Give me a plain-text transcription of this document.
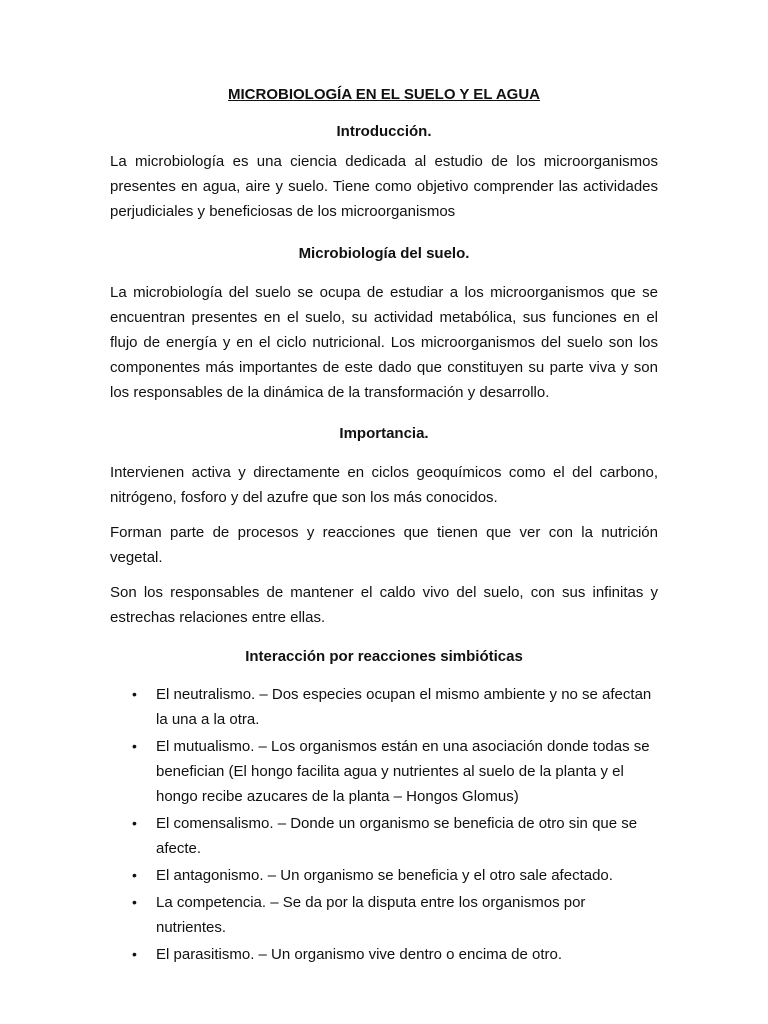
MICROBIOLOGÍA EN EL SUELO Y EL AGUA
Introducción.

La microbiología es una ciencia dedicada al estudio de los microorganismos presentes en agua, aire y suelo. Tiene como objetivo comprender las actividades perjudiciales y beneficiosas de los microorganismos

Microbiología del suelo.

La microbiología del suelo se ocupa de estudiar a los microorganismos que se encuentran presentes en el suelo, su actividad metabólica, sus funciones en el flujo de energía y en el ciclo nutricional. Los microorganismos del suelo son los componentes más importantes de este dado que constituyen su parte viva y son los responsables de la dinámica de la transformación y desarrollo.

Importancia.

Intervienen activa y directamente en ciclos geoquímicos como el del carbono, nitrógeno, fosforo y del azufre que son los más conocidos.

Forman parte de procesos y reacciones que tienen que ver con la nutrición vegetal.

Son los responsables de mantener el caldo vivo del suelo, con sus infinitas y estrechas relaciones entre ellas.

Interacción por reacciones simbióticas
• El neutralismo. – Dos especies ocupan el mismo ambiente y no se afectan la una a la otra.
• El mutualismo. – Los organismos están en una asociación donde todas se benefician (El hongo facilita agua y nutrientes al suelo de la planta y el hongo recibe azucares de la planta – Hongos Glomus)
• El comensalismo. – Donde un organismo se beneficia de otro sin que se afecte.
• El antagonismo. – Un organismo se beneficia y el otro sale afectado.
• La competencia. – Se da por la disputa entre los organismos por nutrientes.
• El parasitismo. – Un organismo vive dentro o encima de otro.
